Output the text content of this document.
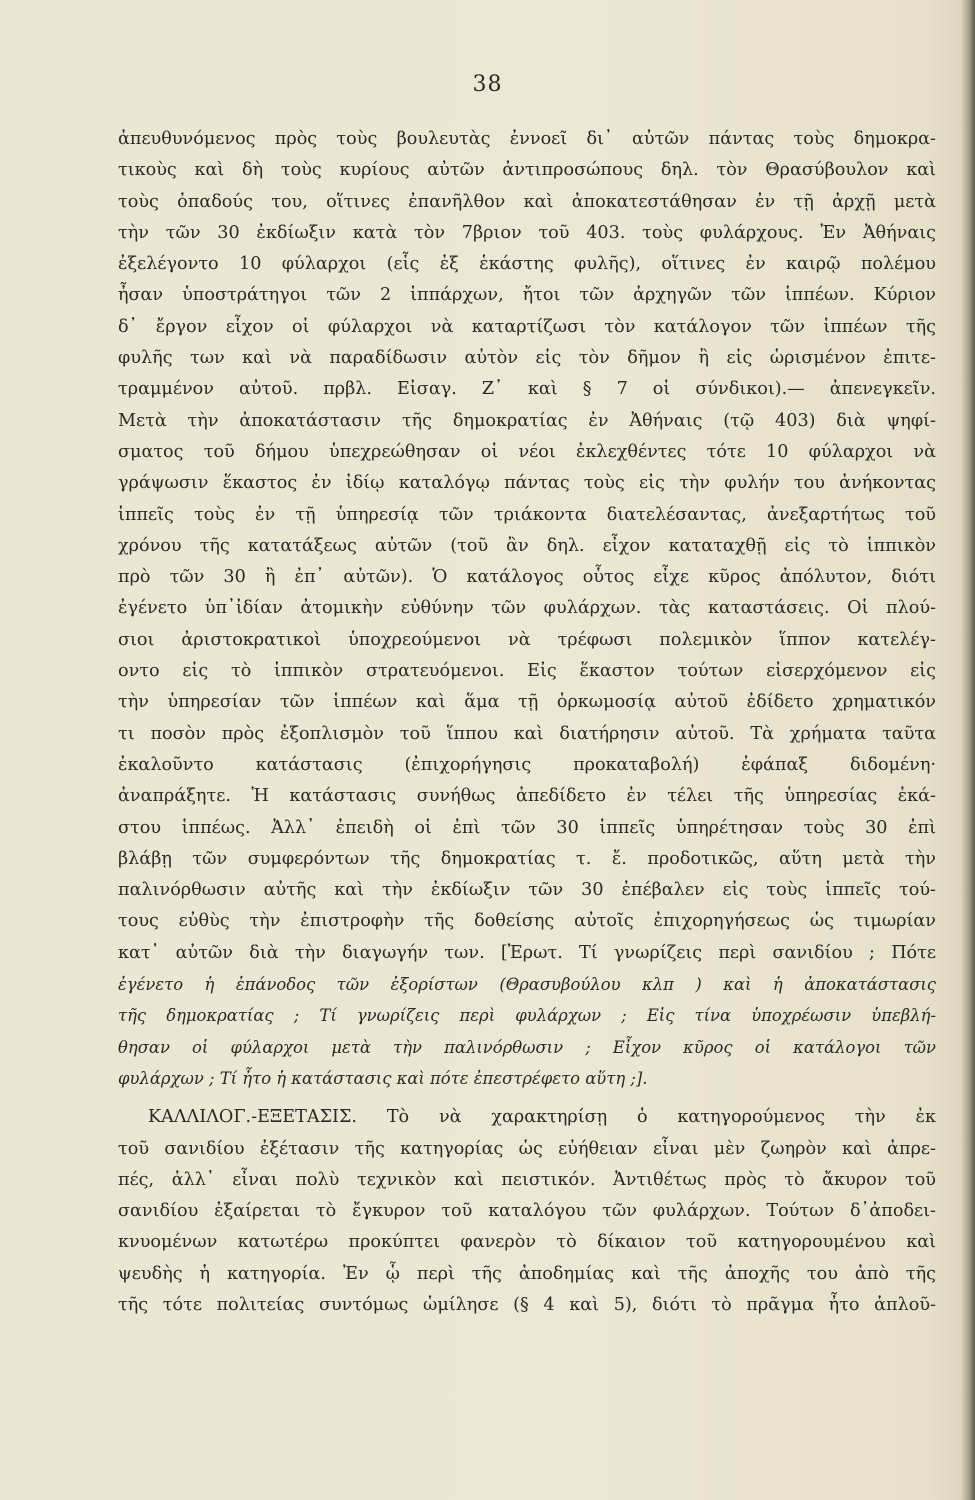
38
ἀπευθυνόμενος πρὸς τοὺς βουλευτὰς ἐννοεῖ δι᾽ αὐτῶν πάντας τοὺς δημοκρα-
τικοὺς καὶ δὴ τοὺς κυρίους αὐτῶν ἀντιπροσώπους δηλ. τὸν Θρασύβουλον καὶ
τοὺς ὀπαδούς του, οἵτινες ἐπανῆλθον καὶ ἀποκατεστάθησαν ἐν τῇ ἀρχῇ μετὰ
τὴν τῶν 30 ἐκδίωξιν κατὰ τὸν 7βριον τοῦ 403. τοὺς φυλάρχους. Ἐν Ἀθήναις
ἐξελέγοντο 10 φύλαρχοι (εἷς ἐξ ἑκάστης φυλῆς), οἵτινες ἐν καιρῷ πολέμου
ἦσαν ὑποστράτηγοι τῶν 2 ἱππάρχων, ἤτοι τῶν ἀρχηγῶν τῶν ἱππέων. Κύριον
δ᾽ ἔργον εἶχον οἱ φύλαρχοι νὰ καταρτίζωσι τὸν κατάλογον τῶν ἱππέων τῆς
φυλῆς των καὶ νὰ παραδίδωσιν αὐτὸν εἰς τὸν δῆμον ἢ εἰς ὡρισμένον ἐπιτε-
τραμμένον αὐτοῦ. πρβλ. Εἰσαγ. Ζ᾽ καὶ § 7 οἱ σύνδικοι).— ἀπενεγκεῖν.
Μετὰ τὴν ἀποκατάστασιν τῆς δημοκρατίας ἐν Ἀθήναις (τῷ 403) διὰ ψηφί-
σματος τοῦ δήμου ὑπεχρεώθησαν οἱ νέοι ἐκλεχθέντες τότε 10 φύλαρχοι νὰ
γράψωσιν ἕκαστος ἐν ἰδίῳ καταλόγῳ πάντας τοὺς εἰς τὴν φυλήν του ἀνήκοντας
ἱππεῖς τοὺς ἐν τῇ ὑπηρεσίᾳ τῶν τριάκοντα διατελέσαντας, ἀνεξαρτήτως τοῦ
χρόνου τῆς κατατάξεως αὐτῶν (τοῦ ἂν δηλ. εἶχον καταταχθῇ εἰς τὸ ἱππικὸν
πρὸ τῶν 30 ἢ ἐπ᾽ αὐτῶν). Ὁ κατάλογος οὗτος εἶχε κῦρος ἀπόλυτον, διότι
ἐγένετο ὑπ᾽ἰδίαν ἀτομικὴν εὐθύνην τῶν φυλάρχων. τὰς καταστάσεις. Οἱ πλού-
σιοι ἀριστοκρατικοὶ ὑποχρεούμενοι νὰ τρέφωσι πολεμικὸν ἵππον κατελέγ-
οντο εἰς τὸ ἱππικὸν στρατευόμενοι. Εἰς ἕκαστον τούτων εἰσερχόμενον εἰς
τὴν ὑπηρεσίαν τῶν ἱππέων καὶ ἅμα τῇ ὁρκωμοσίᾳ αὐτοῦ ἐδίδετο χρηματικόν
τι ποσὸν πρὸς ἐξοπλισμὸν τοῦ ἵππου καὶ διατήρησιν αὐτοῦ. Τὰ χρήματα ταῦτα
ἐκαλοῦντο κατάστασις (ἐπιχορήγησις προκαταβολή) ἐφάπαξ διδομένη·
ἀναπράξητε. Ἡ κατάστασις συνήθως ἀπεδίδετο ἐν τέλει τῆς ὑπηρεσίας ἑκά-
στου ἱππέως. Ἀλλ᾽ ἐπειδὴ οἱ ἐπὶ τῶν 30 ἱππεῖς ὑπηρέτησαν τοὺς 30 ἐπὶ
βλάβῃ τῶν συμφερόντων τῆς δημοκρατίας τ. ἔ. προδοτικῶς, αὕτη μετὰ τὴν
παλινόρθωσιν αὐτῆς καὶ τὴν ἐκδίωξιν τῶν 30 ἐπέβαλεν εἰς τοὺς ἱππεῖς τού-
τους εὐθὺς τὴν ἐπιστροφὴν τῆς δοθείσης αὐτοῖς ἐπιχορηγήσεως ὡς τιμωρίαν
κατ᾽ αὐτῶν διὰ τὴν διαγωγήν των. [Ἐρωτ. Τί γνωρίζεις περὶ σανιδίου ; Πότε
ἐγένετο ἡ ἐπάνοδος τῶν ἐξορίστων (Θρασυβούλου κλπ ) καὶ ἡ ἀποκατάστασις
τῆς δημοκρατίας ; Τί γνωρίζεις περὶ φυλάρχων ; Εἰς τίνα ὑποχρέωσιν ὑπεβλή-
θησαν οἱ φύλαρχοι μετὰ τὴν παλινόρθωσιν ; Εἶχον κῦρος οἱ κατάλογοι τῶν
φυλάρχων ; Τί ἦτο ἡ κατάστασις καὶ πότε ἐπεστρέφετο αὕτη ;].
ΚΑΛΛΙΛΟΓ.-ΕΞΕΤΑΣΙΣ. Τὸ νὰ χαρακτηρίσῃ ὁ κατηγορούμενος τὴν ἐκ
τοῦ σανιδίου ἐξέτασιν τῆς κατηγορίας ὡς εὐήθειαν εἶναι μὲν ζωηρὸν καὶ ἀπρε-
πές, ἀλλ᾽ εἶναι πολὺ τεχνικὸν καὶ πειστικόν. Ἀντιθέτως πρὸς τὸ ἄκυρον τοῦ
σανιδίου ἐξαίρεται τὸ ἔγκυρον τοῦ καταλόγου τῶν φυλάρχων. Τούτων δ᾽ἀποδει-
κνυομένων κατωτέρω προκύπτει φανερὸν τὸ δίκαιον τοῦ κατηγορουμένου καὶ
ψευδὴς ἡ κατηγορία. Ἐν ᾧ περὶ τῆς ἀποδημίας καὶ τῆς ἀποχῆς του ἀπὸ τῆς
τῆς τότε πολιτείας συντόμως ὡμίλησε (§ 4 καὶ 5), διότι τὸ πρᾶγμα ἦτο ἁπλοῦ-
